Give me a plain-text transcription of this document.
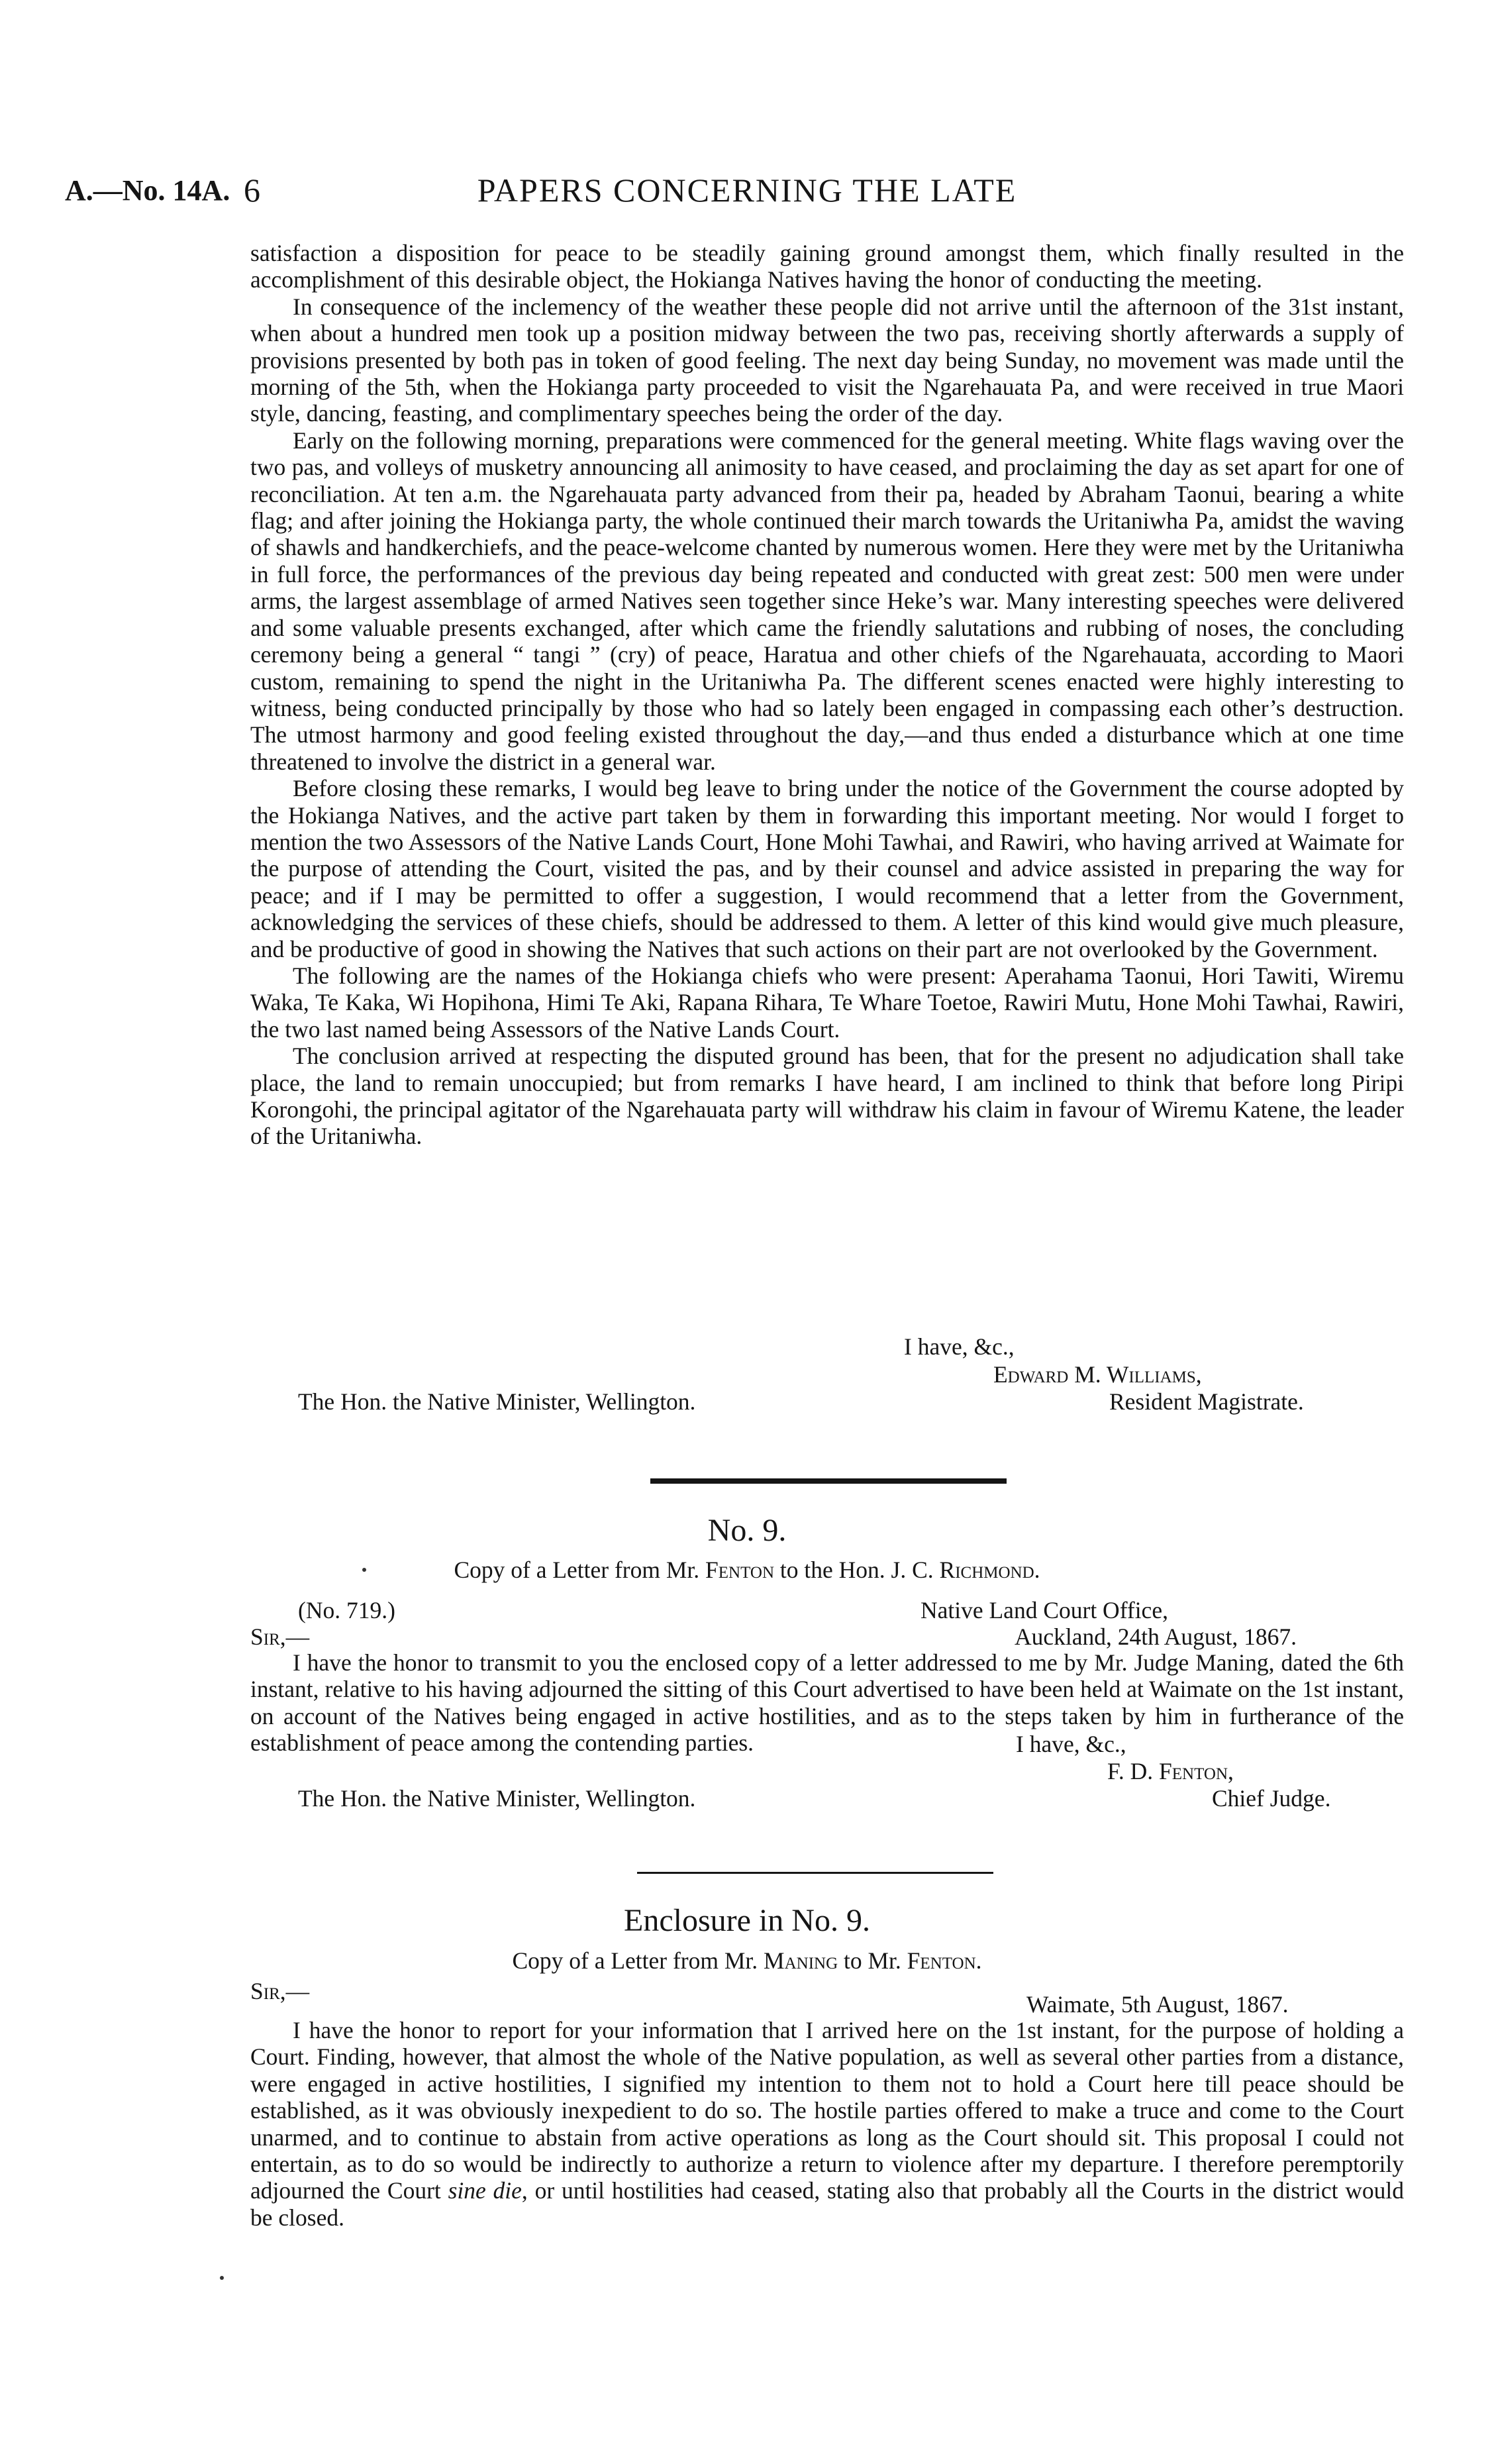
A.—No. 14A. 6	PAPERS CONCERNING THE LATE

satisfaction a disposition for peace to be steadily gaining ground amongst them, which finally resulted in the accomplishment of this desirable object, the Hokianga Natives having the honor of conducting the meeting.

In consequence of the inclemency of the weather these people did not arrive until the afternoon of the 31st instant, when about a hundred men took up a position midway between the two pas, receiving shortly afterwards a supply of provisions presented by both pas in token of good feeling. The next day being Sunday, no movement was made until the morning of the 5th, when the Hokianga party proceeded to visit the Ngarehauata Pa, and were received in true Maori style, dancing, feasting, and complimentary speeches being the order of the day.

Early on the following morning, preparations were commenced for the general meeting. White flags waving over the two pas, and volleys of musketry announcing all animosity to have ceased, and proclaiming the day as set apart for one of reconciliation. At ten a.m. the Ngarehauata party advanced from their pa, headed by Abraham Taonui, bearing a white flag; and after joining the Hokianga party, the whole continued their march towards the Uritaniwha Pa, amidst the waving of shawls and handkerchiefs, and the peace-welcome chanted by numerous women. Here they were met by the Uritaniwha in full force, the performances of the previous day being repeated and conducted with great zest: 500 men were under arms, the largest assemblage of armed Natives seen together since Heke’s war. Many interesting speeches were delivered and some valuable presents exchanged, after which came the friendly salutations and rubbing of noses, the concluding ceremony being a general “ tangi ” (cry) of peace, Haratua and other chiefs of the Ngarehauata, according to Maori custom, remaining to spend the night in the Uritaniwha Pa. The different scenes enacted were highly interesting to witness, being conducted principally by those who had so lately been engaged in compassing each other’s destruction. The utmost harmony and good feeling existed throughout the day,—and thus ended a disturbance which at one time threatened to involve the district in a general war.

Before closing these remarks, I would beg leave to bring under the notice of the Government the course adopted by the Hokianga Natives, and the active part taken by them in forwarding this important meeting. Nor would I forget to mention the two Assessors of the Native Lands Court, Hone Mohi Tawhai, and Rawiri, who having arrived at Waimate for the purpose of attending the Court, visited the pas, and by their counsel and advice assisted in preparing the way for peace; and if I may be permitted to offer a suggestion, I would recommend that a letter from the Government, acknowledging the services of these chiefs, should be addressed to them. A letter of this kind would give much pleasure, and be productive of good in showing the Natives that such actions on their part are not overlooked by the Government.

The following are the names of the Hokianga chiefs who were present: Aperahama Taonui, Hori Tawiti, Wiremu Waka, Te Kaka, Wi Hopihona, Himi Te Aki, Rapana Rihara, Te Whare Toetoe, Rawiri Mutu, Hone Mohi Tawhai, Rawiri, the two last named being Assessors of the Native Lands Court.

The conclusion arrived at respecting the disputed ground has been, that for the present no adjudication shall take place, the land to remain unoccupied; but from remarks I have heard, I am inclined to think that before long Piripi Korongohi, the principal agitator of the Ngarehauata party will withdraw his claim in favour of Wiremu Katene, the leader of the Uritaniwha.

I have, &c.,
Edward M. Williams,
The Hon. the Native Minister, Wellington.	Resident Magistrate.
No. 9.
Copy of a Letter from Mr. Fenton to the Hon. J. C. Richmond.
(No. 719.)	Native Land Court Office,
Sir,—	Auckland, 24th August, 1867.

I have the honor to transmit to you the enclosed copy of a letter addressed to me by Mr. Judge Maning, dated the 6th instant, relative to his having adjourned the sitting of this Court advertised to have been held at Waimate on the 1st instant, on account of the Natives being engaged in active hostilities, and as to the steps taken by him in furtherance of the establishment of peace among the contending parties.	I have, &c.,
F. D. Fenton,
The Hon. the Native Minister, Wellington.	Chief Judge.
Enclosure in No. 9.
Copy of a Letter from Mr. Maning to Mr. Fenton.
Sir,—	Waimate, 5th August, 1867.

I have the honor to report for your information that I arrived here on the 1st instant, for the purpose of holding a Court. Finding, however, that almost the whole of the Native population, as well as several other parties from a distance, were engaged in active hostilities, I signified my intention to them not to hold a Court here till peace should be established, as it was obviously inexpedient to do so. The hostile parties offered to make a truce and come to the Court unarmed, and to continue to abstain from active operations as long as the Court should sit. This proposal I could not entertain, as to do so would be indirectly to authorize a return to violence after my departure. I therefore peremptorily adjourned the Court sine die, or until hostilities had ceased, stating also that probably all the Courts in the district would be closed.
